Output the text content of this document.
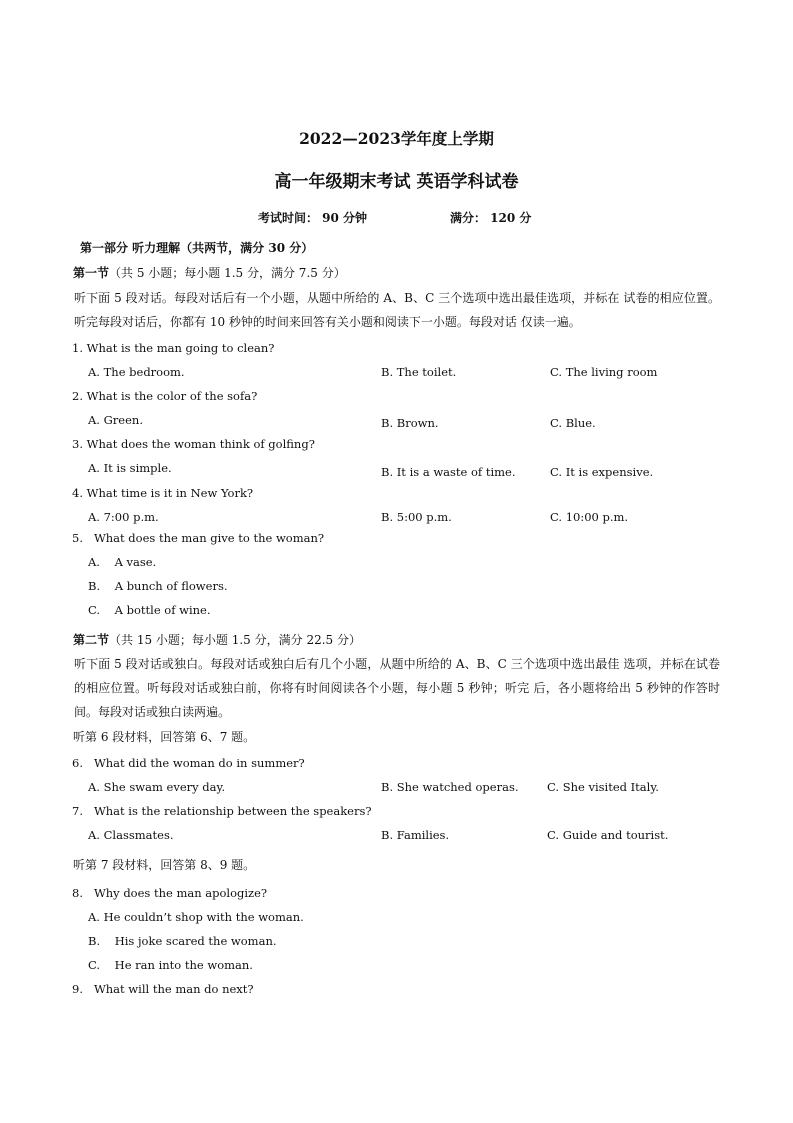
2022—2023学年度上学期
高一年级期末考试 英语学科试卷
考试时间： 90 分钟	满分： 120 分
第一部分 听力理解（共两节，满分 30 分）
第一节（共 5 小题；每小题 1.5 分，满分 7.5 分）
听下面 5 段对话。每段对话后有一个小题，从题中所给的 A、B、C 三个选项中选出最佳选项，并标在 试卷的相应位置。听完每段对话后，你都有 10 秒钟的时间来回答有关小题和阅读下一小题。每段对话 仅读一遍。
1. What is the man going to clean?
A. The bedroom.	B. The toilet.	C. The living room
2. What is the color of the sofa?
A. Green.	B. Brown.	C. Blue.
3. What does the woman think of golfing?
A. It is simple.	B. It is a waste of time.	C. It is expensive.
4. What time is it in New York?
A. 7:00 p.m.	B. 5:00 p.m.	C. 10:00 p.m.
5.   What does the man give to the woman?
A.    A vase.
B.    A bunch of flowers.
C.    A bottle of wine.
第二节（共 15 小题；每小题 1.5 分，满分 22.5 分）
听下面 5 段对话或独白。每段对话或独白后有几个小题，从题中所给的 A、B、C 三个选项中选出最佳 选项，并标在试卷的相应位置。听每段对话或独白前，你将有时间阅读各个小题，每小题 5 秒钟；听完 后，各小题将给出 5 秒钟的作答时间。每段对话或独白读两遍。
听第 6 段材料，回答第 6、7 题。
6.   What did the woman do in summer?
A. She swam every day.	B. She watched operas. C. She visited Italy.
7.   What is the relationship between the speakers?
A. Classmates.	B. Families.	C. Guide and tourist.
听第 7 段材料，回答第 8、9 题。
8.   Why does the man apologize?
A. He couldn’t shop with the woman.
B.    His joke scared the woman.
C.    He ran into the woman.
9.   What will the man do next?
